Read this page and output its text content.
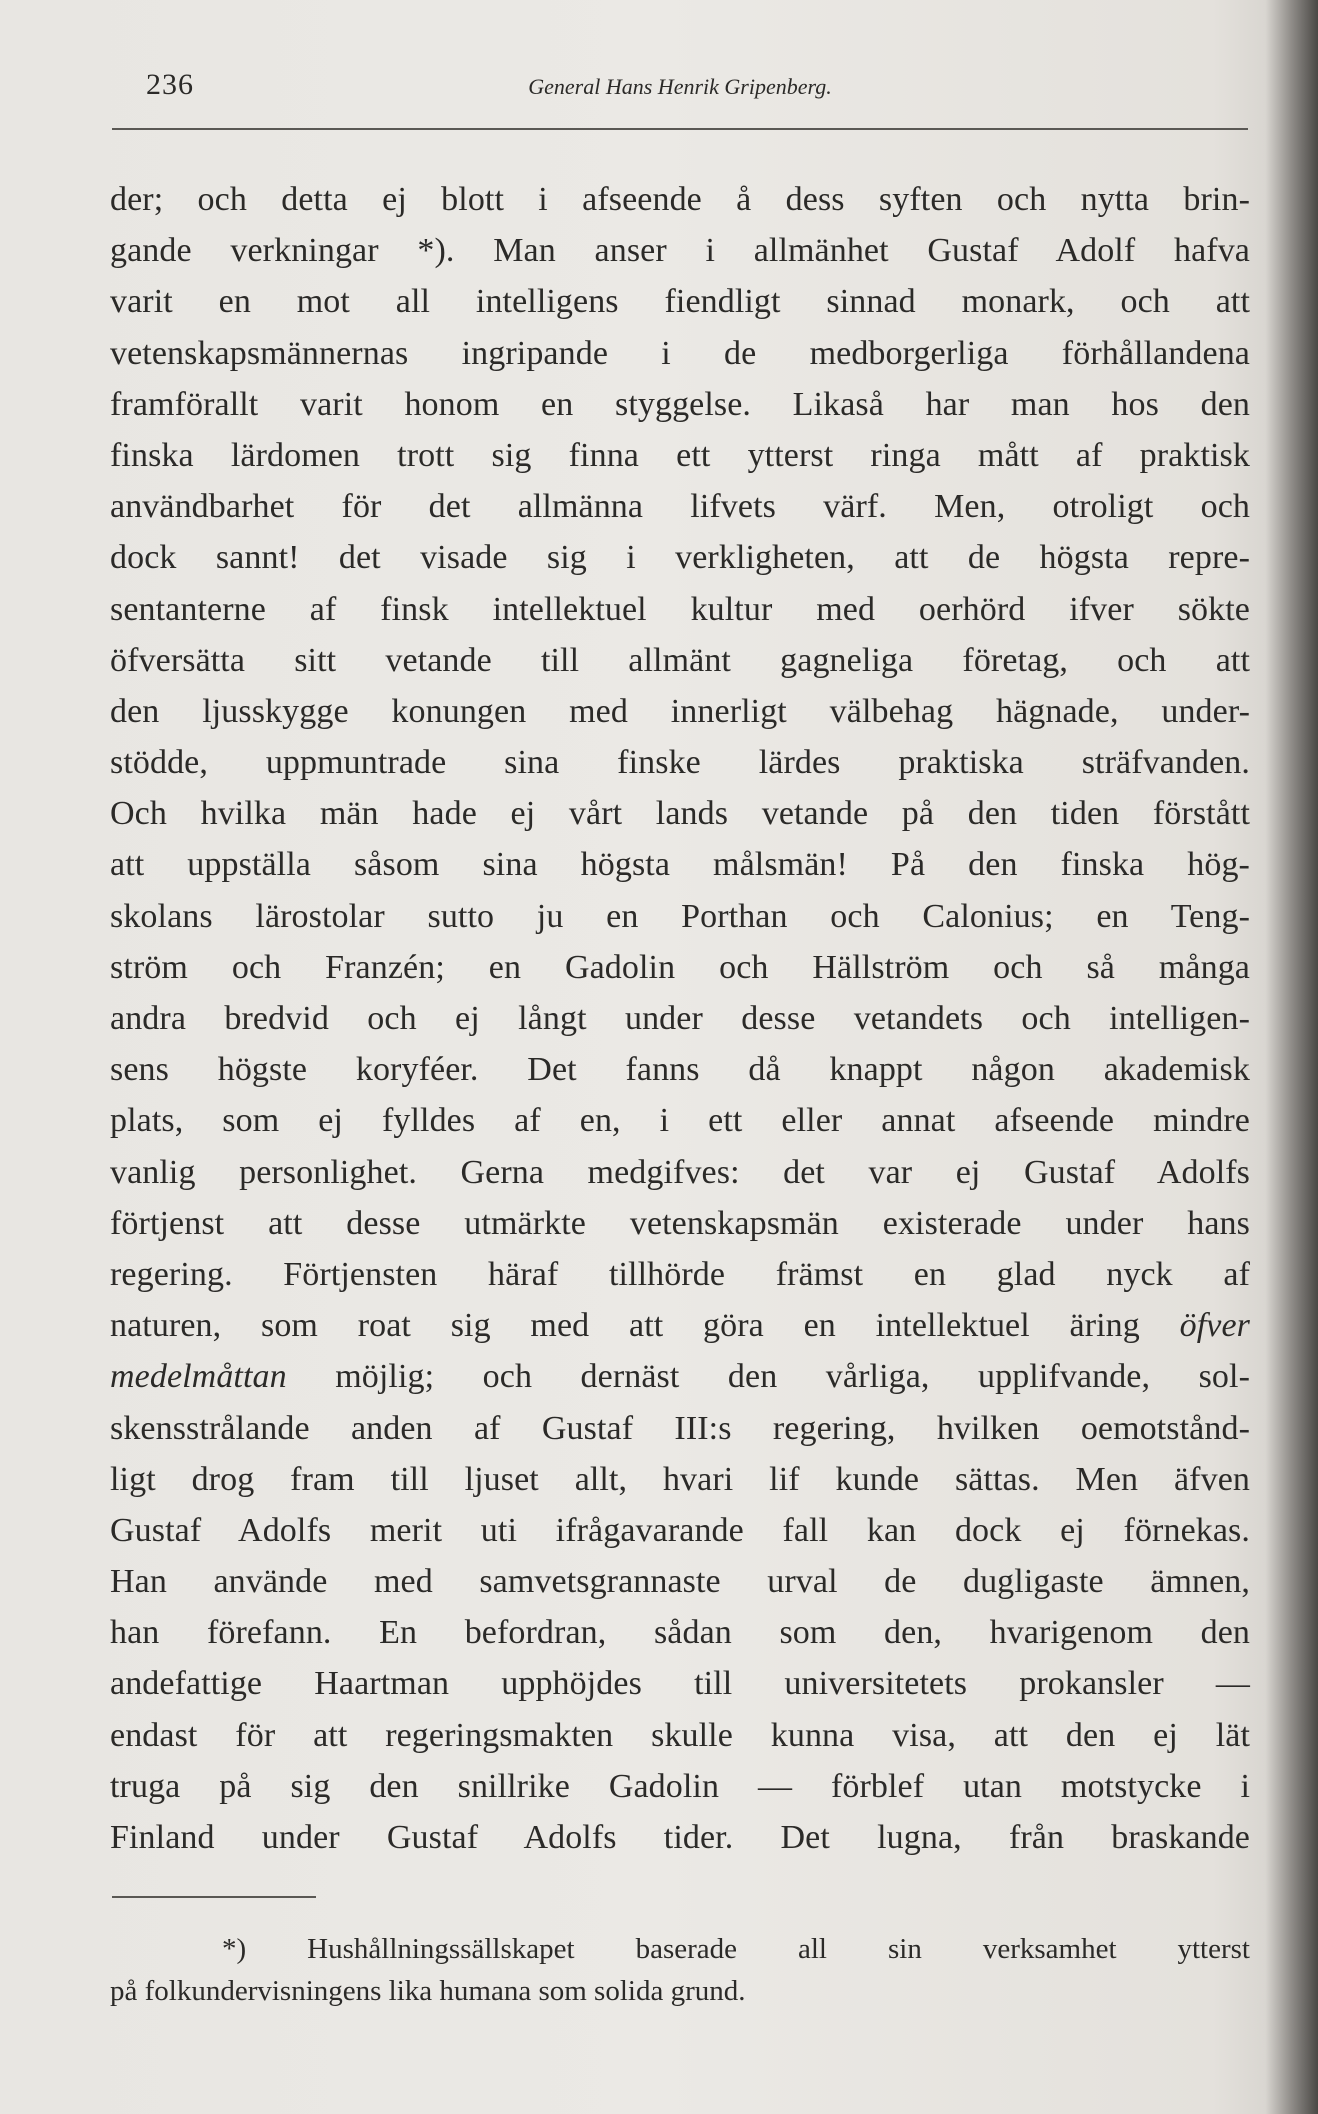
236	General Hans Henrik Gripenberg.
der; och detta ej blott i afseende å dess syften och nytta brin-
gande verkningar *). Man anser i allmänhet Gustaf Adolf hafva
varit en mot all intelligens fiendligt sinnad monark, och att
vetenskapsmännernas ingripande i de medborgerliga förhållandena
framförallt varit honom en styggelse. Likaså har man hos den
finska lärdomen trott sig finna ett ytterst ringa mått af praktisk
användbarhet för det allmänna lifvets värf. Men, otroligt och
dock sannt! det visade sig i verkligheten, att de högsta repre-
sentanterne af finsk intellektuel kultur med oerhörd ifver sökte
öfversätta sitt vetande till allmänt gagneliga företag, och att
den ljusskygge konungen med innerligt välbehag hägnade, under-
stödde, uppmuntrade sina finske lärdes praktiska sträfvanden.
Och hvilka män hade ej vårt lands vetande på den tiden förstått
att uppställa såsom sina högsta målsmän! På den finska hög-
skolans lärostolar sutto ju en Porthan och Calonius; en Teng-
ström och Franzén; en Gadolin och Hällström och så många
andra bredvid och ej långt under desse vetandets och intelligen-
sens högste koryféer. Det fanns då knappt någon akademisk
plats, som ej fylldes af en, i ett eller annat afseende mindre
vanlig personlighet. Gerna medgifves: det var ej Gustaf Adolfs
förtjenst att desse utmärkte vetenskapsmän existerade under hans
regering. Förtjensten häraf tillhörde främst en glad nyck af
naturen, som roat sig med att göra en intellektuel äring öfver
medelmåttan möjlig; och dernäst den vårliga, upplifvande, sol-
skensstrålande anden af Gustaf III:s regering, hvilken oemotstånd-
ligt drog fram till ljuset allt, hvari lif kunde sättas. Men äfven
Gustaf Adolfs merit uti ifrågavarande fall kan dock ej förnekas.
Han använde med samvetsgrannaste urval de dugligaste ämnen,
han förefann. En befordran, sådan som den, hvarigenom den
andefattige Haartman upphöjdes till universitetets prokansler —
endast för att regeringsmakten skulle kunna visa, att den ej lät
truga på sig den snillrike Gadolin — förblef utan motstycke i
Finland under Gustaf Adolfs tider. Det lugna, från braskande
*) Hushållningssällskapet baserade all sin verksamhet ytterst
på folkundervisningens lika humana som solida grund.
